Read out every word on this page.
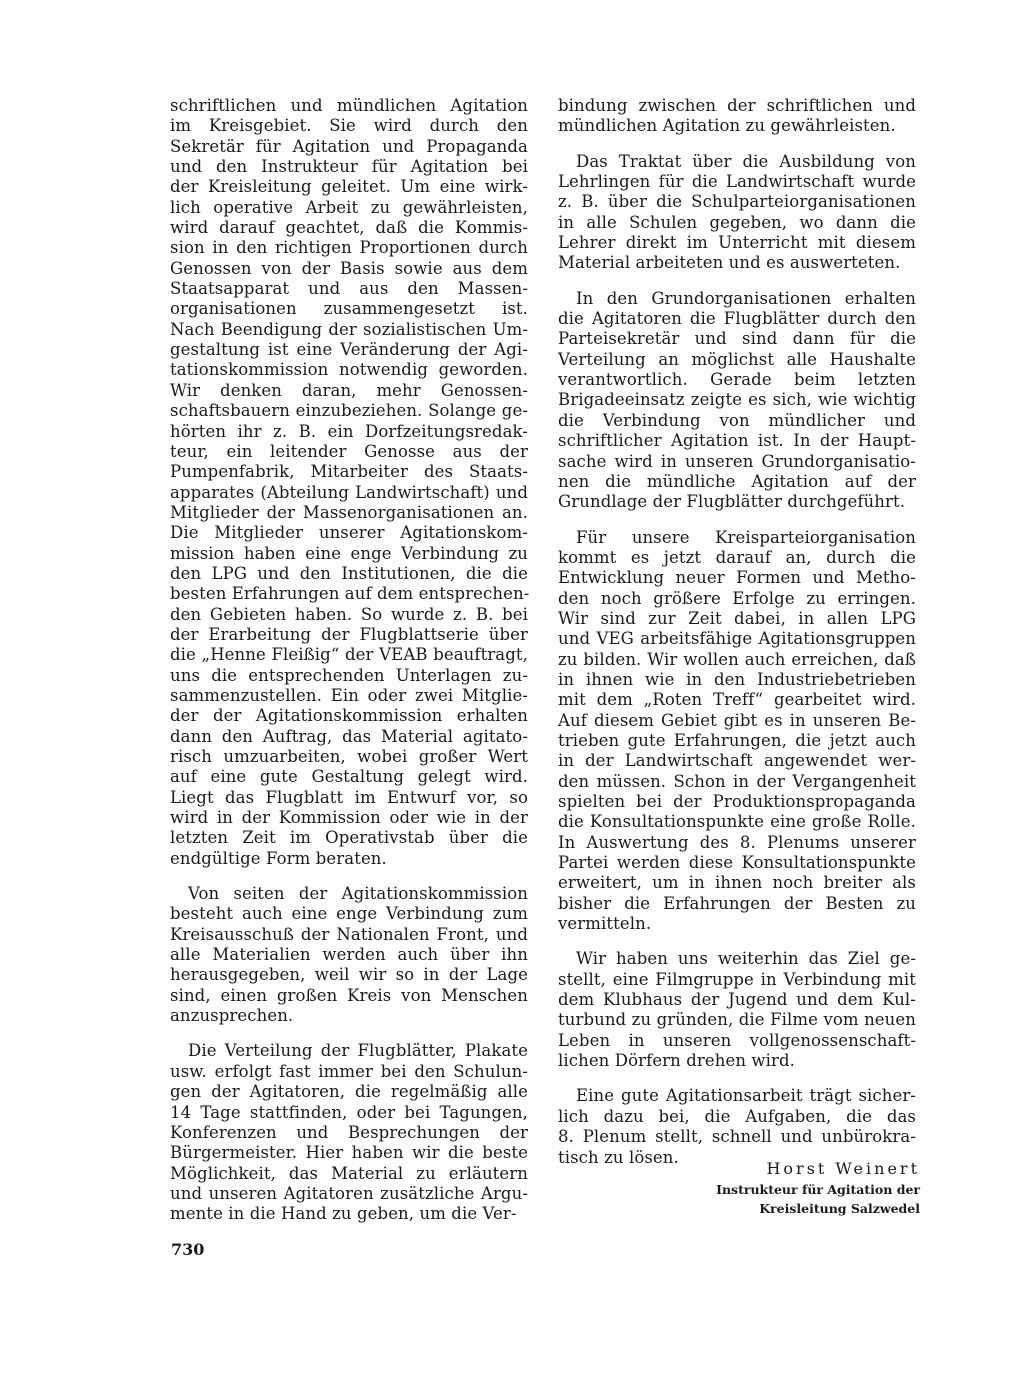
schriftlichen und mündlichen Agitation
im Kreisgebiet. Sie wird durch den
Sekretär für Agitation und Propaganda
und den Instrukteur für Agitation bei
der Kreisleitung geleitet. Um eine wirk-
lich operative Arbeit zu gewährleisten,
wird darauf geachtet, daß die Kommis-
sion in den richtigen Proportionen durch
Genossen von der Basis sowie aus dem
Staatsapparat und aus den Massen-
organisationen zusammengesetzt ist.
Nach Beendigung der sozialistischen Um-
gestaltung ist eine Veränderung der Agi-
tationskommission notwendig geworden.
Wir denken daran, mehr Genossen-
schaftsbauern einzubeziehen. Solange ge-
hörten ihr z. B. ein Dorfzeitungsredak-
teur, ein leitender Genosse aus der
Pumpenfabrik, Mitarbeiter des Staats-
apparates (Abteilung Landwirtschaft) und
Mitglieder der Massenorganisationen an.
Die Mitglieder unserer Agitationskom-
mission haben eine enge Verbindung zu
den LPG und den Institutionen, die die
besten Erfahrungen auf dem entsprechen-
den Gebieten haben. So wurde z. B. bei
der Erarbeitung der Flugblattserie über
die „Henne Fleißig“ der VEAB beauftragt,
uns die entsprechenden Unterlagen zu-
sammenzustellen. Ein oder zwei Mitglie-
der der Agitationskommission erhalten
dann den Auftrag, das Material agitato-
risch umzuarbeiten, wobei großer Wert
auf eine gute Gestaltung gelegt wird.
Liegt das Flugblatt im Entwurf vor, so
wird in der Kommission oder wie in der
letzten Zeit im Operativstab über die
endgültige Form beraten.
Von seiten der Agitationskommission
besteht auch eine enge Verbindung zum
Kreisausschuß der Nationalen Front, und
alle Materialien werden auch über ihn
herausgegeben, weil wir so in der Lage
sind, einen großen Kreis von Menschen
anzusprechen.
Die Verteilung der Flugblätter, Plakate
usw. erfolgt fast immer bei den Schulun-
gen der Agitatoren, die regelmäßig alle
14 Tage stattfinden, oder bei Tagungen,
Konferenzen und Besprechungen der
Bürgermeister. Hier haben wir die beste
Möglichkeit, das Material zu erläutern
und unseren Agitatoren zusätzliche Argu-
mente in die Hand zu geben, um die Ver-
bindung zwischen der schriftlichen und
mündlichen Agitation zu gewährleisten.
Das Traktat über die Ausbildung von
Lehrlingen für die Landwirtschaft wurde
z. B. über die Schulparteiorganisationen
in alle Schulen gegeben, wo dann die
Lehrer direkt im Unterricht mit diesem
Material arbeiteten und es auswerteten.
In den Grundorganisationen erhalten
die Agitatoren die Flugblätter durch den
Parteisekretär und sind dann für die
Verteilung an möglichst alle Haushalte
verantwortlich. Gerade beim letzten
Brigadeeinsatz zeigte es sich, wie wichtig
die Verbindung von mündlicher und
schriftlicher Agitation ist. In der Haupt-
sache wird in unseren Grundorganisatio-
nen die mündliche Agitation auf der
Grundlage der Flugblätter durchgeführt.
Für unsere Kreisparteiorganisation
kommt es jetzt darauf an, durch die
Entwicklung neuer Formen und Metho-
den noch größere Erfolge zu erringen.
Wir sind zur Zeit dabei, in allen LPG
und VEG arbeitsfähige Agitationsgruppen
zu bilden. Wir wollen auch erreichen, daß
in ihnen wie in den Industriebetrieben
mit dem „Roten Treff“ gearbeitet wird.
Auf diesem Gebiet gibt es in unseren Be-
trieben gute Erfahrungen, die jetzt auch
in der Landwirtschaft angewendet wer-
den müssen. Schon in der Vergangenheit
spielten bei der Produktionspropaganda
die Konsultationspunkte eine große Rolle.
In Auswertung des 8. Plenums unserer
Partei werden diese Konsultationspunkte
erweitert, um in ihnen noch breiter als
bisher die Erfahrungen der Besten zu
vermitteln.
Wir haben uns weiterhin das Ziel ge-
stellt, eine Filmgruppe in Verbindung mit
dem Klubhaus der Jugend und dem Kul-
turbund zu gründen, die Filme vom neuen
Leben in unseren vollgenossenschaft-
lichen Dörfern drehen wird.
Eine gute Agitationsarbeit trägt sicher-
lich dazu bei, die Aufgaben, die das
8. Plenum stellt, schnell und unbürokra-
tisch zu lösen.
Horst Weinert
Instrukteur für Agitation der
Kreisleitung Salzwedel
730
